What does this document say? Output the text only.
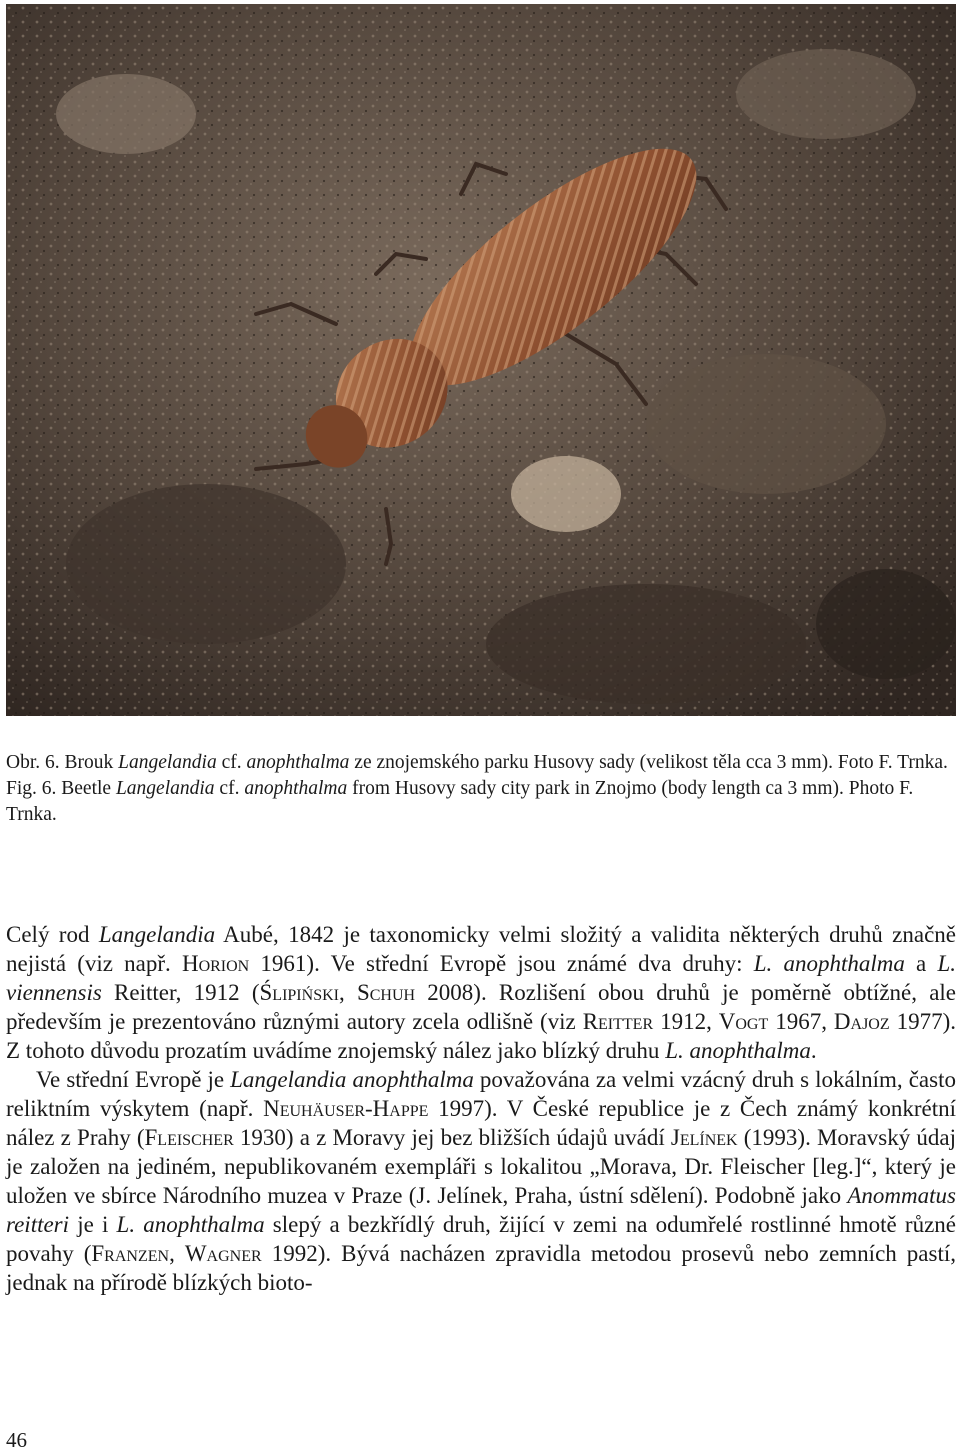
Obr. 6. Brouk Langelandia cf. anophthalma ze znojemského parku Husovy sady (velikost těla cca 3 mm). Foto F. Trnka.

Fig. 6. Beetle Langelandia cf. anophthalma from Husovy sady city park in Znojmo (body length ca 3 mm). Photo F. Trnka.

Celý rod Langelandia Aubé, 1842 je taxonomicky velmi složitý a validita některých druhů značně nejistá (viz např. Horion 1961). Ve střední Evropě jsou známé dva druhy: L. anophthalma a L. viennensis Reitter, 1912 (Ślipiński, Schuh 2008). Rozlišení obou druhů je poměrně obtížné, ale především je prezentováno různými autory zcela odlišně (viz Reitter 1912, Vogt 1967, Dajoz 1977). Z tohoto důvodu prozatím uvádíme znojemský nález jako blízký druhu L. anophthalma.

Ve střední Evropě je Langelandia anophthalma považována za velmi vzácný druh s lokálním, často reliktním výskytem (např. Neuhäuser-Happe 1997). V České republice je z Čech známý konkrétní nález z Prahy (Fleischer 1930) a z Moravy jej bez bližších údajů uvádí Jelínek (1993). Moravský údaj je založen na jediném, nepublikovaném exempláři s lokalitou „Morava, Dr. Fleischer [leg.]“, který je uložen ve sbírce Národního muzea v Praze (J. Jelínek, Praha, ústní sdělení). Podobně jako Anommatus reitteri je i L. anophthalma slepý a bezkřídlý druh, žijící v zemi na odumřelé rostlinné hmotě různé povahy (Franzen, Wagner 1992). Bývá nacházen zpravidla metodou prosevů nebo zemních pastí, jednak na přírodě blízkých bioto-

46
